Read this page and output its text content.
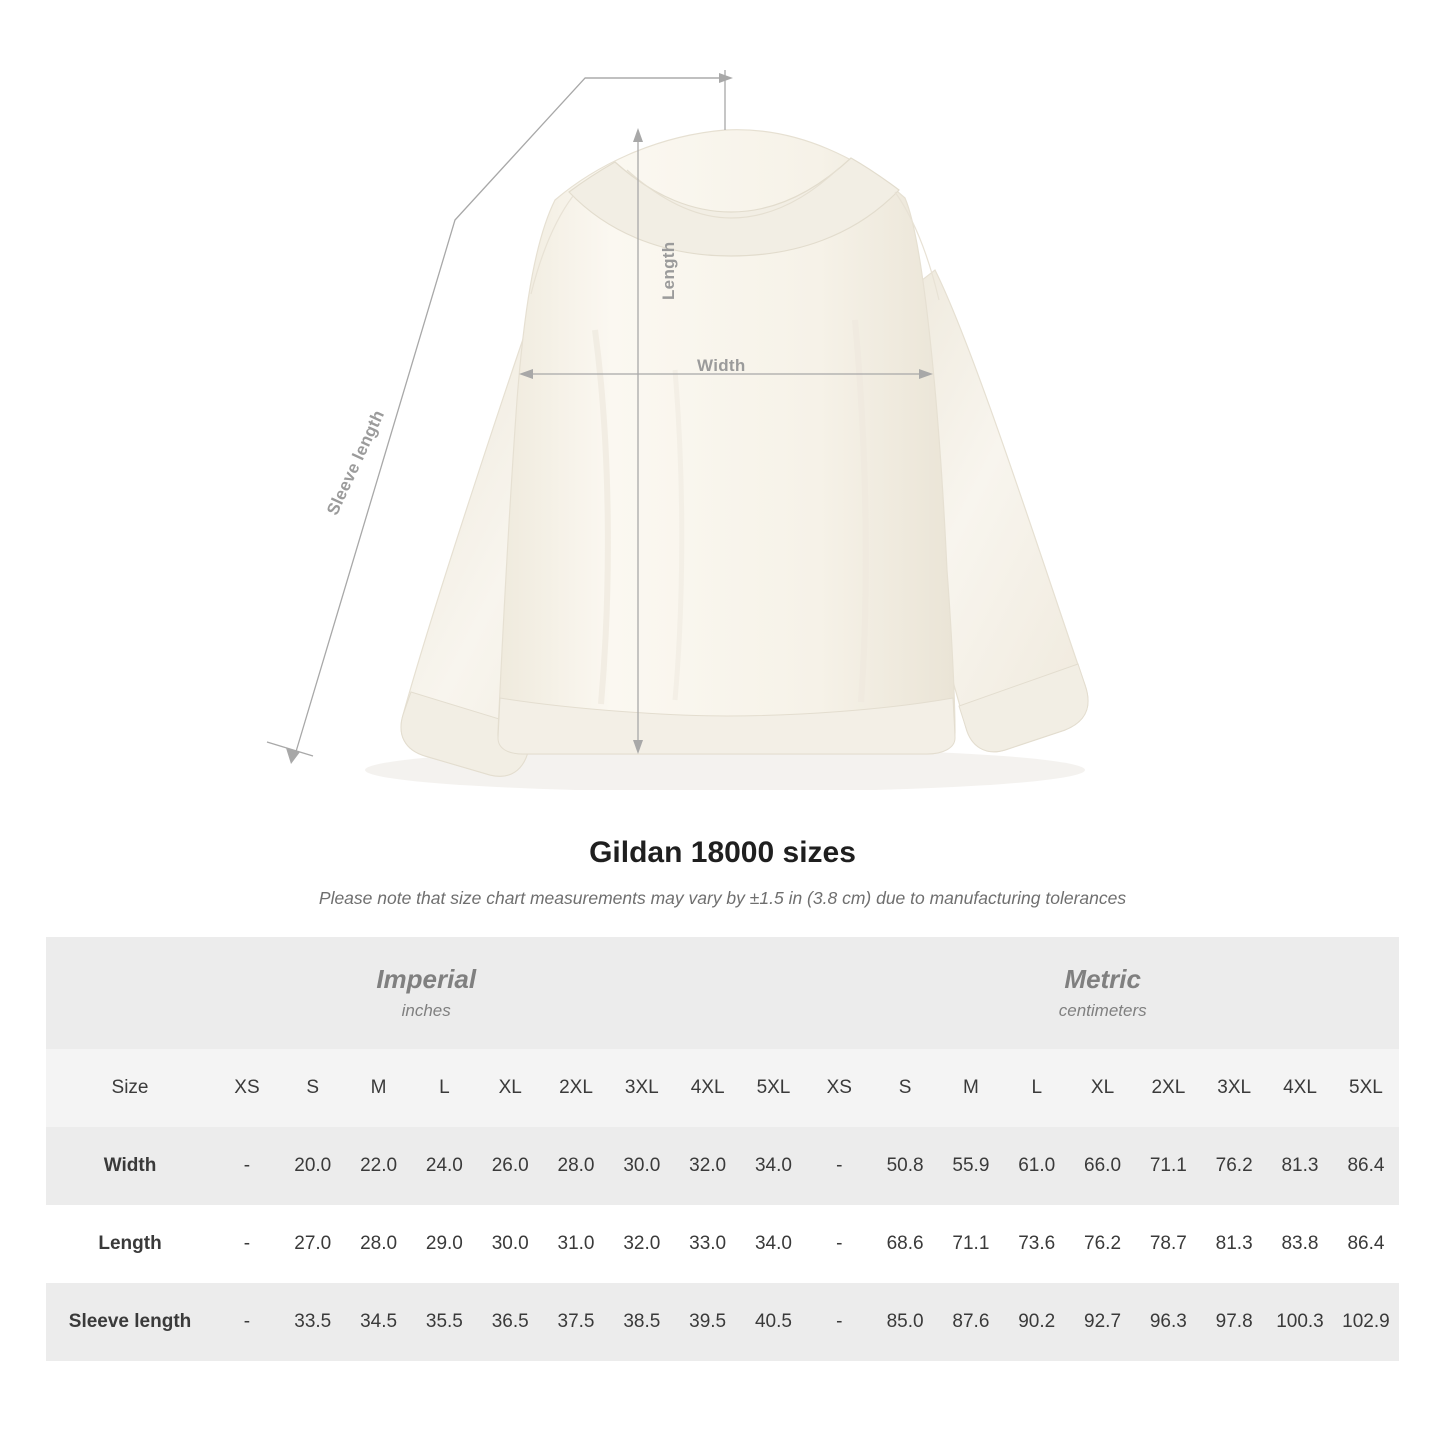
Length
Width
Sleeve length
Gildan 18000 sizes
Please note that size chart measurements may vary by ±1.5 in (3.8 cm) due to manufacturing tolerances
Imperial
inches

Metric
centimeters

Size	XS	S	M	L	XL	2XL	3XL	4XL	5XL	XS	S	M	L	XL	2XL	3XL	4XL	5XL
Width	-	20.0	22.0	24.0	26.0	28.0	30.0	32.0	34.0	-	50.8	55.9	61.0	66.0	71.1	76.2	81.3	86.4
Length	-	27.0	28.0	29.0	30.0	31.0	32.0	33.0	34.0	-	68.6	71.1	73.6	76.2	78.7	81.3	83.8	86.4
Sleeve length	-	33.5	34.5	35.5	36.5	37.5	38.5	39.5	40.5	-	85.0	87.6	90.2	92.7	96.3	97.8	100.3	102.9
